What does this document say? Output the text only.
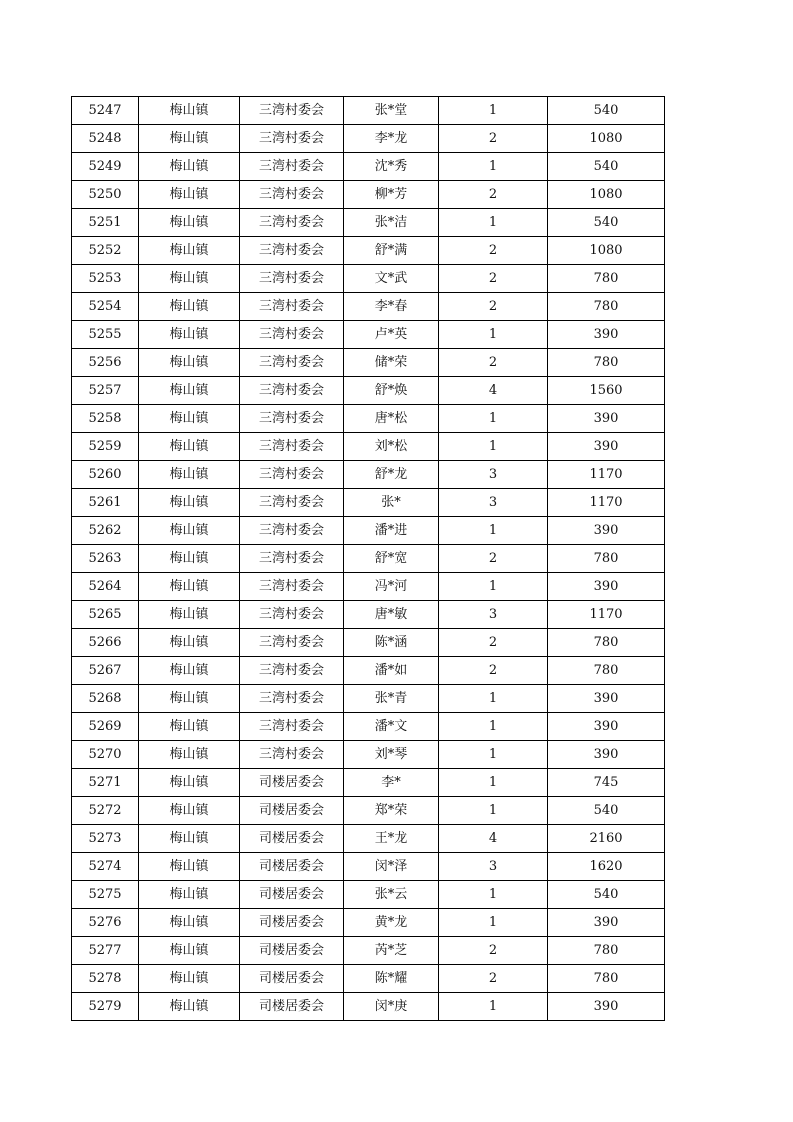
5247	梅山镇	三湾村委会	张*堂	1	540
5248	梅山镇	三湾村委会	李*龙	2	1080
5249	梅山镇	三湾村委会	沈*秀	1	540
5250	梅山镇	三湾村委会	柳*芳	2	1080
5251	梅山镇	三湾村委会	张*洁	1	540
5252	梅山镇	三湾村委会	舒*满	2	1080
5253	梅山镇	三湾村委会	文*武	2	780
5254	梅山镇	三湾村委会	李*春	2	780
5255	梅山镇	三湾村委会	卢*英	1	390
5256	梅山镇	三湾村委会	储*荣	2	780
5257	梅山镇	三湾村委会	舒*焕	4	1560
5258	梅山镇	三湾村委会	唐*松	1	390
5259	梅山镇	三湾村委会	刘*松	1	390
5260	梅山镇	三湾村委会	舒*龙	3	1170
5261	梅山镇	三湾村委会	张*	3	1170
5262	梅山镇	三湾村委会	潘*进	1	390
5263	梅山镇	三湾村委会	舒*宽	2	780
5264	梅山镇	三湾村委会	冯*河	1	390
5265	梅山镇	三湾村委会	唐*敏	3	1170
5266	梅山镇	三湾村委会	陈*涵	2	780
5267	梅山镇	三湾村委会	潘*如	2	780
5268	梅山镇	三湾村委会	张*青	1	390
5269	梅山镇	三湾村委会	潘*文	1	390
5270	梅山镇	三湾村委会	刘*琴	1	390
5271	梅山镇	司楼居委会	李*	1	745
5272	梅山镇	司楼居委会	郑*荣	1	540
5273	梅山镇	司楼居委会	王*龙	4	2160
5274	梅山镇	司楼居委会	闵*泽	3	1620
5275	梅山镇	司楼居委会	张*云	1	540
5276	梅山镇	司楼居委会	黄*龙	1	390
5277	梅山镇	司楼居委会	芮*芝	2	780
5278	梅山镇	司楼居委会	陈*耀	2	780
5279	梅山镇	司楼居委会	闵*庚	1	390
